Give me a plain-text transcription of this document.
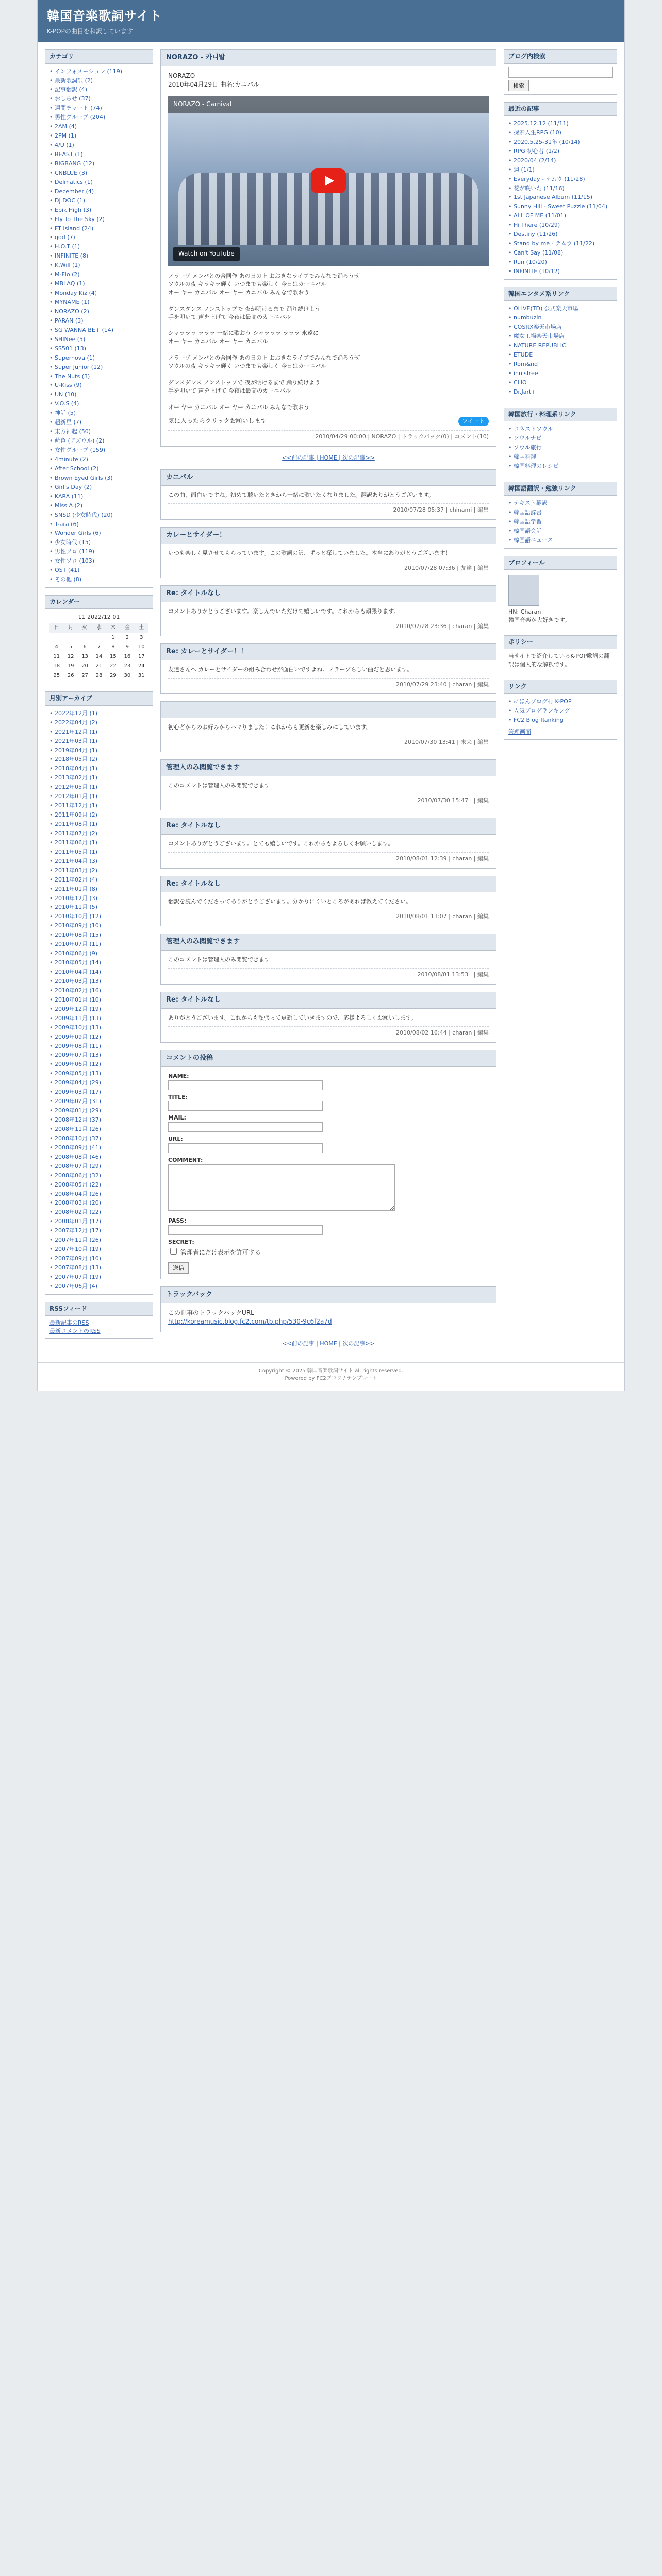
韓国音楽歌詞サイト
K-POPの曲目を和訳しています
カテゴリ
• インフォメーション (119)
• 最新歌詞訳 (2)
• 記事翻訳 (4)
• おしらせ (37)
• 週間チャート (74)
• 男性グループ (204)
• 2AM (4)
• 2PM (1)
• 4/U (1)
• BEAST (1)
• BIGBANG (12)
• CNBLUE (3)
• Delmatics (1)
• December (4)
• DJ DOC (1)
• Epik High (3)
• Fly To The Sky (2)
• FT Island (24)
• god (7)
• H.O.T (1)
• INFINITE (8)
• K.Will (1)
• M-Flo (2)
• MBLAQ (1)
• Monday Kiz (4)
• MYNAME (1)
• NORAZO (2)
• PARAN (3)
• SG WANNA BE+ (14)
• SHINee (5)
• SS501 (13)
• Supernova (1)
• Super Junior (12)
• The Nuts (3)
• U-Kiss (9)
• UN (10)
• V.O.S (4)
• 神話 (5)
• 超新星 (7)
• 東方神起 (50)
• 藍色 (アズウル) (2)
• 女性グループ (159)
• 4minute (2)
• After School (2)
• Brown Eyed Girls (3)
• Girl's Day (2)
• KARA (11)
• Miss A (2)
• SNSD (少女時代) (20)
• T-ara (6)
• Wonder Girls (6)
• 少女時代 (15)
• 男性ソロ (119)
• 女性ソロ (103)
• OST (41)
• その他 (8)
カレンダー
11 2022/12 01
日	月	火	水	木	金	土
				1	2	3
4	5	6	7	8	9	10
11	12	13	14	15	16	17
18	19	20	21	22	23	24
25	26	27	28	29	30	31
月別アーカイブ
• 2022年12月 (1)
• 2022年04月 (2)
• 2021年12月 (1)
• 2021年03月 (1)
• 2019年04月 (1)
• 2018年05月 (2)
• 2018年04月 (1)
• 2013年02月 (1)
• 2012年05月 (1)
• 2012年01月 (1)
• 2011年12月 (1)
• 2011年09月 (2)
• 2011年08月 (1)
• 2011年07月 (2)
• 2011年06月 (1)
• 2011年05月 (1)
• 2011年04月 (3)
• 2011年03月 (2)
• 2011年02月 (4)
• 2011年01月 (8)
• 2010年12月 (3)
• 2010年11月 (5)
• 2010年10月 (12)
• 2010年09月 (10)
• 2010年08月 (15)
• 2010年07月 (11)
• 2010年06月 (9)
• 2010年05月 (14)
• 2010年04月 (14)
• 2010年03月 (13)
• 2010年02月 (16)
• 2010年01月 (10)
• 2009年12月 (19)
• 2009年11月 (13)
• 2009年10月 (13)
• 2009年09月 (12)
• 2009年08月 (11)
• 2009年07月 (13)
• 2009年06月 (12)
• 2009年05月 (13)
• 2009年04月 (29)
• 2009年03月 (17)
• 2009年02月 (31)
• 2009年01月 (29)
• 2008年12月 (37)
• 2008年11月 (26)
• 2008年10月 (37)
• 2008年09月 (41)
• 2008年08月 (46)
• 2008年07月 (29)
• 2008年06月 (32)
• 2008年05月 (22)
• 2008年04月 (26)
• 2008年03月 (20)
• 2008年02月 (22)
• 2008年01月 (17)
• 2007年12月 (17)
• 2007年11月 (26)
• 2007年10月 (19)
• 2007年09月 (10)
• 2007年08月 (13)
• 2007年07月 (19)
• 2007年06月 (4)
RSSフィード
最新記事のRSS
最新コメントのRSS
NORAZO - 카니발
NORAZO
2010年04月29日 曲名:カニバル
NORAZO - Carnival
Watch on YouTube
ノラーゾ メンバとの合同作 あの日の上 おおきなライブでみんなで踊ろうぜ
ソウルの夜 キラキラ輝く いつまでも楽しく 今日はカーニバル
オー ヤー カニバル オー ヤー カニバル みんなで歌おう

ダンスダンス ノンストップで 夜が明けるまで 踊り続けよう
手を叩いて 声を上げて 今夜は最高のカーニバル

シャラララ ラララ 一緒に歌おう シャラララ ラララ 永遠に
オー ヤー カニバル オー ヤー カニバル

ノラーゾ メンバとの合同作 あの日の上 おおきなライブでみんなで踊ろうぜ
ソウルの夜 キラキラ輝く いつまでも楽しく 今日はカーニバル

ダンスダンス ノンストップで 夜が明けるまで 踊り続けよう
手を叩いて 声を上げて 今夜は最高のカーニバル

オー ヤー カニバル オー ヤー カニバル みんなで歌おう
気に入ったらクリックお願いします	ツイート
2010/04/29 00:00 | NORAZO | トラックバック(0) | コメント(10)
<<前の記事 | HOME | 次の記事>>
カニバル
この曲、面白いですね。初めて聴いたときから一緒に歌いたくなりました。翻訳ありがとうございます。
2010/07/28 05:37 | chinami | 編集
カレーとサイダー！
いつも楽しく見させてもらっています。この歌詞の訳、ずっと探していました。本当にありがとうございます！
2010/07/28 07:36 | 友達 | 編集
Re: タイトルなし
コメントありがとうございます。楽しんでいただけて嬉しいです。これからも頑張ります。
2010/07/28 23:36 | charan | 編集
Re: カレーとサイダー！！
友達さんへ カレーとサイダーの組み合わせが面白いですよね。ノラーゾらしい曲だと思います。
2010/07/29 23:40 | charan | 編集

初心者からのお好みからハマりました！これからも更新を楽しみにしています。
2010/07/30 13:41 | 未来 | 編集
管理人のみ閲覧できます
このコメントは管理人のみ閲覧できます
2010/07/30 15:47 | | 編集
Re: タイトルなし
コメントありがとうございます。とても嬉しいです。これからもよろしくお願いします。
2010/08/01 12:39 | charan | 編集
Re: タイトルなし
翻訳を読んでくださってありがとうございます。分かりにくいところがあれば教えてください。
2010/08/01 13:07 | charan | 編集
管理人のみ閲覧できます
このコメントは管理人のみ閲覧できます
2010/08/01 13:53 | | 編集
Re: タイトルなし
ありがとうございます。これからも頑張って更新していきますので、応援よろしくお願いします。
2010/08/02 16:44 | charan | 編集
コメントの投稿
NAME:
TITLE:
MAIL:
URL:
COMMENT:
PASS:
SECRET:
管理者にだけ表示を許可する
送信
トラックバック
この記事のトラックバックURL
http://koreamusic.blog.fc2.com/tb.php/530-9c6f2a7d
<<前の記事 | HOME | 次の記事>>
ブログ内検索
検索
最近の記事
• 2025.12.12 (11/11)
• 探索人生RPG (10)
• 2020.5.25-31年 (10/14)
• RPG 初心者 (1/2)
• 2020/04 (2/14)
• 週 (1/1)
• Everyday - テムウ (11/28)
• 花が咲いた (11/16)
• 1st Japanese Album (11/15)
• Sunny Hill - Sweet Puzzle (11/04)
• ALL OF ME (11/01)
• Hi There (10/29)
• Destiny (11/26)
• Stand by me - テムウ (11/22)
• Can't Say (11/08)
• Run (10/20)
• INFINITE (10/12)
韓国エンタメ系リンク
• OLIVE(TD) 公式楽天市場
• numbuzin
• COSRX楽天市場店
• 魔女工場楽天市場店
• NATURE REPUBLIC
• ETUDE
• Rom&nd
• innisfree
• CLIO
• Dr.Jart+
韓国旅行・料理系リンク
• コネストソウル
• ソウルナビ
• ソウル旅行
• 韓国料理
• 韓国料理のレシピ
韓国語翻訳・勉強リンク
• テキスト翻訳
• 韓国語辞書
• 韓国語学習
• 韓国語会話
• 韓国語ニュース
プロフィール
HN: Charan
韓国音楽が大好きです。
ポリシー
当サイトで紹介しているK-POP歌詞の翻訳は個人的な解釈です。
リンク
• にほんブログ村 K-POP
• 人気ブログランキング
• FC2 Blog Ranking
管理画面
Copyright © 2025 韓国音楽歌詞サイト all rights reserved.
Powered by FC2ブログ / テンプレート
